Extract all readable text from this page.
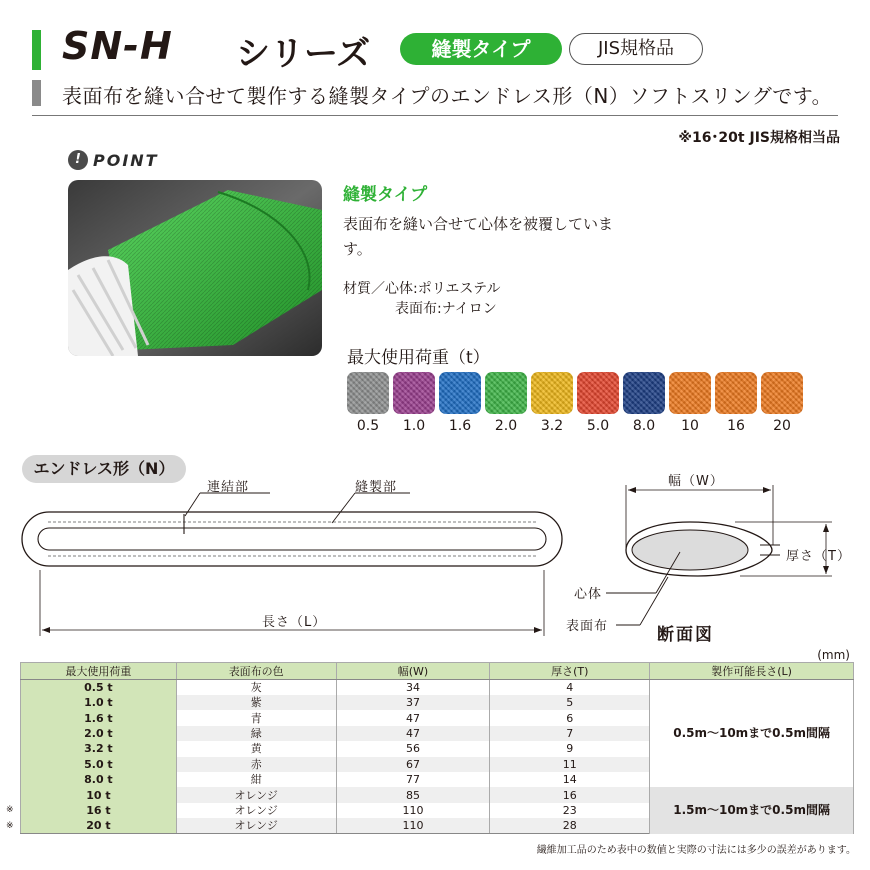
SN-H シリーズ	縫製タイプ	JIS規格品
表面布を縫い合せて製作する縫製タイプのエンドレス形（N）ソフトスリングです。
※16･20t JIS規格相当品
! POINT
縫製タイプ
表面布を縫い合せて心体を被覆しています。
材質／心体:ポリエステル
表面布:ナイロン
最大使用荷重（t）
0.5	1.0	1.6	2.0	3.2	5.0	8.0	10	16	20
エンドレス形（N）
連結部	縫製部
長さ（L）
幅（W）
厚さ（T）
心体
表面布	断面図
(mm)
最大使用荷重	表面布の色	幅(W)	厚さ(T)	製作可能長さ(L)
0.5 t	灰	34	4	0.5m〜10mまで0.5m間隔
1.0 t	紫	37	5	
1.6 t	青	47	6	
2.0 t	緑	47	7	
3.2 t	黄	56	9	
5.0 t	赤	67	11	
8.0 t	紺	77	14	
10 t	オレンジ	85	16	1.5m〜10mまで0.5m間隔
16 t	オレンジ	110	23	
20 t	オレンジ	110	28	
※
※
繊維加工品のため表中の数値と実際の寸法には多少の誤差があります。
